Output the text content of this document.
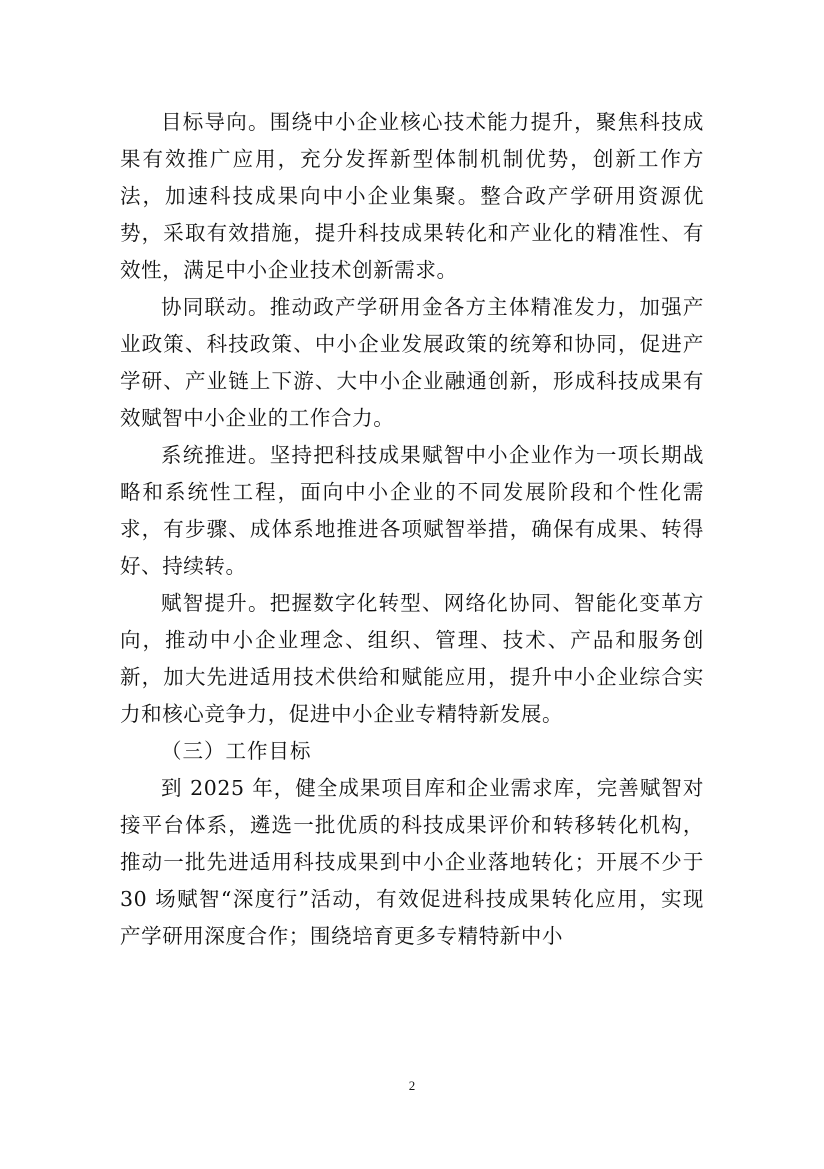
目标导向。围绕中小企业核心技术能力提升，聚焦科技成果有效推广应用，充分发挥新型体制机制优势，创新工作方法，加速科技成果向中小企业集聚。整合政产学研用资源优势，采取有效措施，提升科技成果转化和产业化的精准性、有效性，满足中小企业技术创新需求。

协同联动。推动政产学研用金各方主体精准发力，加强产业政策、科技政策、中小企业发展政策的统筹和协同，促进产学研、产业链上下游、大中小企业融通创新，形成科技成果有效赋智中小企业的工作合力。

系统推进。坚持把科技成果赋智中小企业作为一项长期战略和系统性工程，面向中小企业的不同发展阶段和个性化需求，有步骤、成体系地推进各项赋智举措，确保有成果、转得好、持续转。

赋智提升。把握数字化转型、网络化协同、智能化变革方向，推动中小企业理念、组织、管理、技术、产品和服务创新，加大先进适用技术供给和赋能应用，提升中小企业综合实力和核心竞争力，促进中小企业专精特新发展。

（三）工作目标

到 2025 年，健全成果项目库和企业需求库，完善赋智对接平台体系，遴选一批优质的科技成果评价和转移转化机构，推动一批先进适用科技成果到中小企业落地转化；开展不少于 30 场赋智“深度行”活动，有效促进科技成果转化应用，实现产学研用深度合作；围绕培育更多专精特新中小

2
